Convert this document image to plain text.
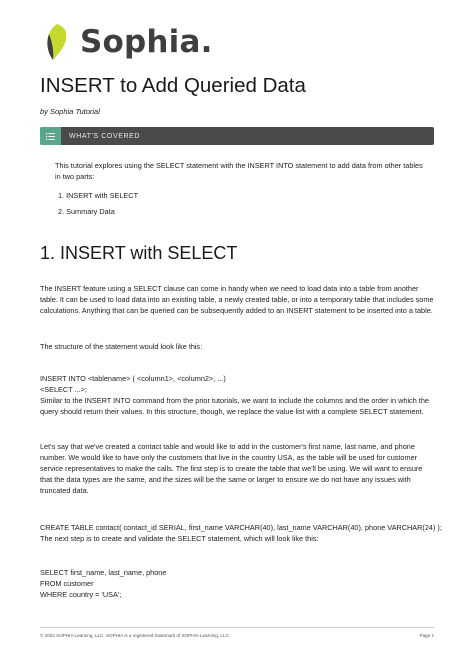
Sophia.
INSERT to Add Queried Data
by Sophia Tutorial
WHAT'S COVERED
This tutorial explores using the SELECT statement with the INSERT INTO statement to add data from other tables in two parts:
1. INSERT with SELECT
2. Summary Data
1. INSERT with SELECT
The INSERT feature using a SELECT clause can come in handy when we need to load data into a table from another table. It can be used to load data into an existing table, a newly created table, or into a temporary table that includes some calculations. Anything that can be queried can be subsequently added to an INSERT statement to be inserted into a table.
The structure of the statement would look like this:
INSERT INTO <tablename> ( <column1>, <column2>, ...)
<SELECT ...>;
Similar to the INSERT INTO command from the prior tutorials, we want to include the columns and the order in which the query should return their values. In this structure, though, we replace the value list with a complete SELECT statement.
Let's say that we've created a contact table and would like to add in the customer's first name, last name, and phone number. We would like to have only the customers that live in the country USA, as the table will be used for customer service representatives to make the calls. The first step is to create the table that we'll be using. We will want to ensure that the data types are the same, and the sizes will be the same or larger to ensure we do not have any issues with truncated data.
CREATE TABLE contact( contact_id SERIAL, first_name VARCHAR(40), last_name VARCHAR(40), phone VARCHAR(24) );
The next step is to create and validate the SELECT statement, which will look like this:
SELECT first_name, last_name, phone
FROM customer
WHERE country = 'USA';
© 2022 SOPHIA Learning, LLC. SOPHIA is a registered trademark of SOPHIA Learning, LLC.	Page 1
